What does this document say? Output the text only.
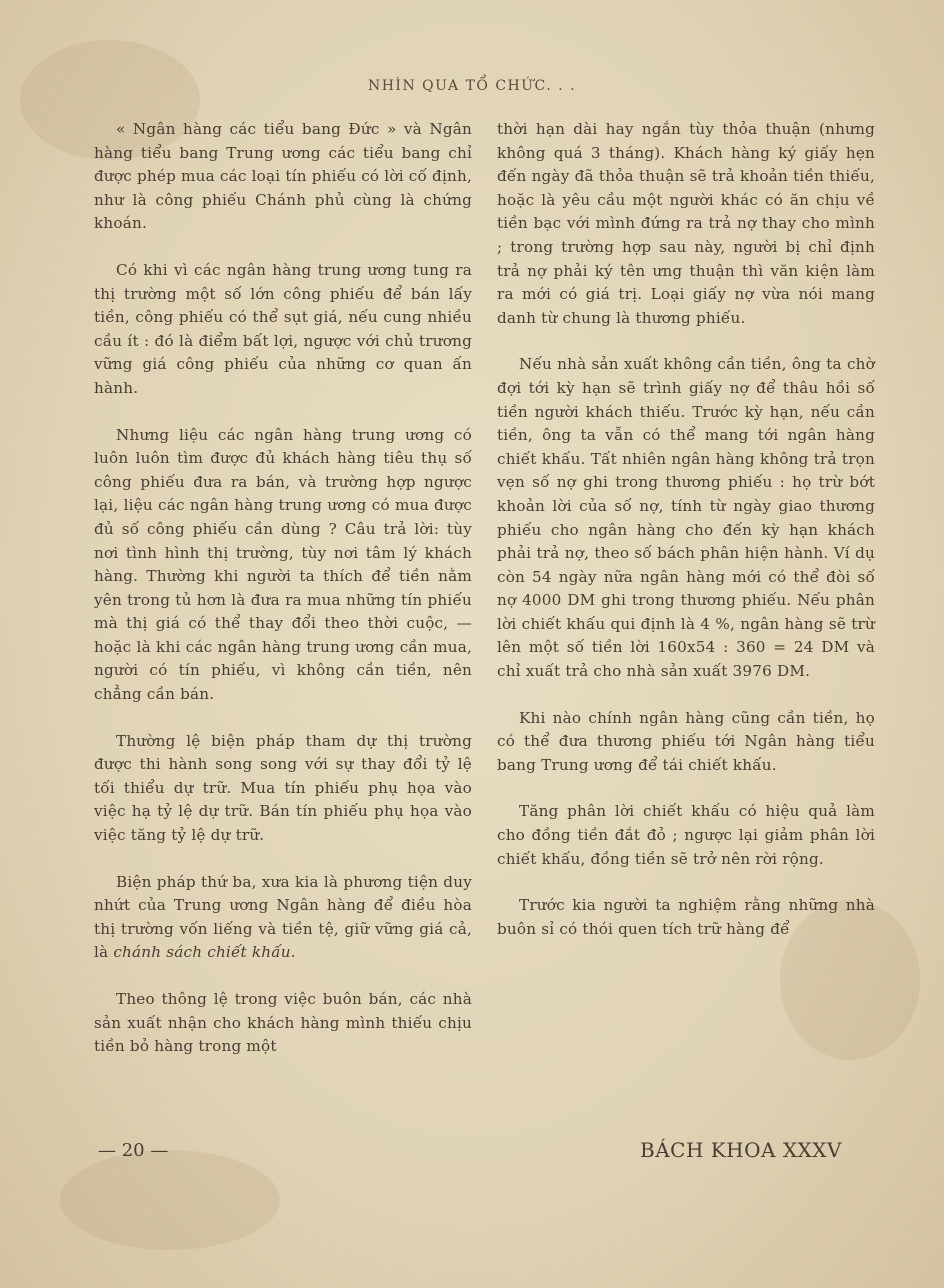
NHÌN QUA TỔ CHỨC. . .

« Ngân hàng các tiểu bang Đức » và Ngân hàng tiểu bang Trung ương các tiểu bang chỉ được phép mua các loại tín phiếu có lời cố định, như là công phiếu Chánh phủ cùng là chứng khoán.

Có khi vì các ngân hàng trung ương tung ra thị trường một số lớn công phiếu để bán lấy tiền, công phiếu có thể sụt giá, nếu cung nhiều cầu ít : đó là điểm bất lợi, ngược với chủ trương vững giá công phiếu của những cơ quan ấn hành.

Nhưng liệu các ngân hàng trung ương có luôn luôn tìm được đủ khách hàng tiêu thụ số công phiếu đưa ra bán, và trường hợp ngược lại, liệu các ngân hàng trung ương có mua được đủ số công phiếu cần dùng ? Câu trả lời: tùy nơi tình hình thị trường, tùy nơi tâm lý khách hàng. Thường khi người ta thích để tiền nằm yên trong tủ hơn là đưa ra mua những tín phiếu mà thị giá có thể thay đổi theo thời cuộc, — hoặc là khi các ngân hàng trung ương cần mua, người có tín phiếu, vì không cần tiền, nên chẳng cần bán.

Thường lệ biện pháp tham dự thị trường được thi hành song song với sự thay đổi tỷ lệ tối thiểu dự trữ. Mua tín phiếu phụ họa vào việc hạ tỷ lệ dự trữ. Bán tín phiếu phụ họa vào việc tăng tỷ lệ dự trữ.

Biện pháp thứ ba, xưa kia là phương tiện duy nhứt của Trung ương Ngân hàng để điều hòa thị trường vốn liếng và tiền tệ, giữ vững giá cả, là chánh sách chiết khấu.

Theo thông lệ trong việc buôn bán, các nhà sản xuất nhận cho khách hàng mình thiếu chịu tiền bỏ hàng trong một

thời hạn dài hay ngắn tùy thỏa thuận (nhưng không quá 3 tháng). Khách hàng ký giấy hẹn đến ngày đã thỏa thuận sẽ trả khoản tiền thiếu, hoặc là yêu cầu một người khác có ăn chịu về tiền bạc với mình đứng ra trả nợ thay cho mình ; trong trường hợp sau này, người bị chỉ định trả nợ phải ký tên ưng thuận thì văn kiện làm ra mới có giá trị. Loại giấy nợ vừa nói mang danh từ chung là thương phiếu.

Nếu nhà sản xuất không cần tiền, ông ta chờ đợi tới kỳ hạn sẽ trình giấy nợ để thâu hồi số tiền người khách thiếu. Trước kỳ hạn, nếu cần tiền, ông ta vẫn có thể mang tới ngân hàng chiết khấu. Tất nhiên ngân hàng không trả trọn vẹn số nợ ghi trong thương phiếu : họ trừ bớt khoản lời của số nợ, tính từ ngày giao thương phiếu cho ngân hàng cho đến kỳ hạn khách phải trả nợ, theo số bách phân hiện hành. Ví dụ còn 54 ngày nữa ngân hàng mới có thể đòi số nợ 4000 DM ghi trong thương phiếu. Nếu phân lời chiết khấu qui định là 4 %, ngân hàng sẽ trừ lên một số tiền lời 160x54 : 360 = 24 DM và chỉ xuất trả cho nhà sản xuất 3976 DM.

Khi nào chính ngân hàng cũng cần tiền, họ có thể đưa thương phiếu tới Ngân hàng tiểu bang Trung ương để tái chiết khấu.

Tăng phân lời chiết khấu có hiệu quả làm cho đồng tiền đắt đỏ ; ngược lại giảm phân lời chiết khấu, đồng tiền sẽ trở nên rời rộng.

Trước kia người ta nghiệm rằng những nhà buôn sỉ có thói quen tích trữ hàng để

— 20 —	BÁCH KHOA XXXV
